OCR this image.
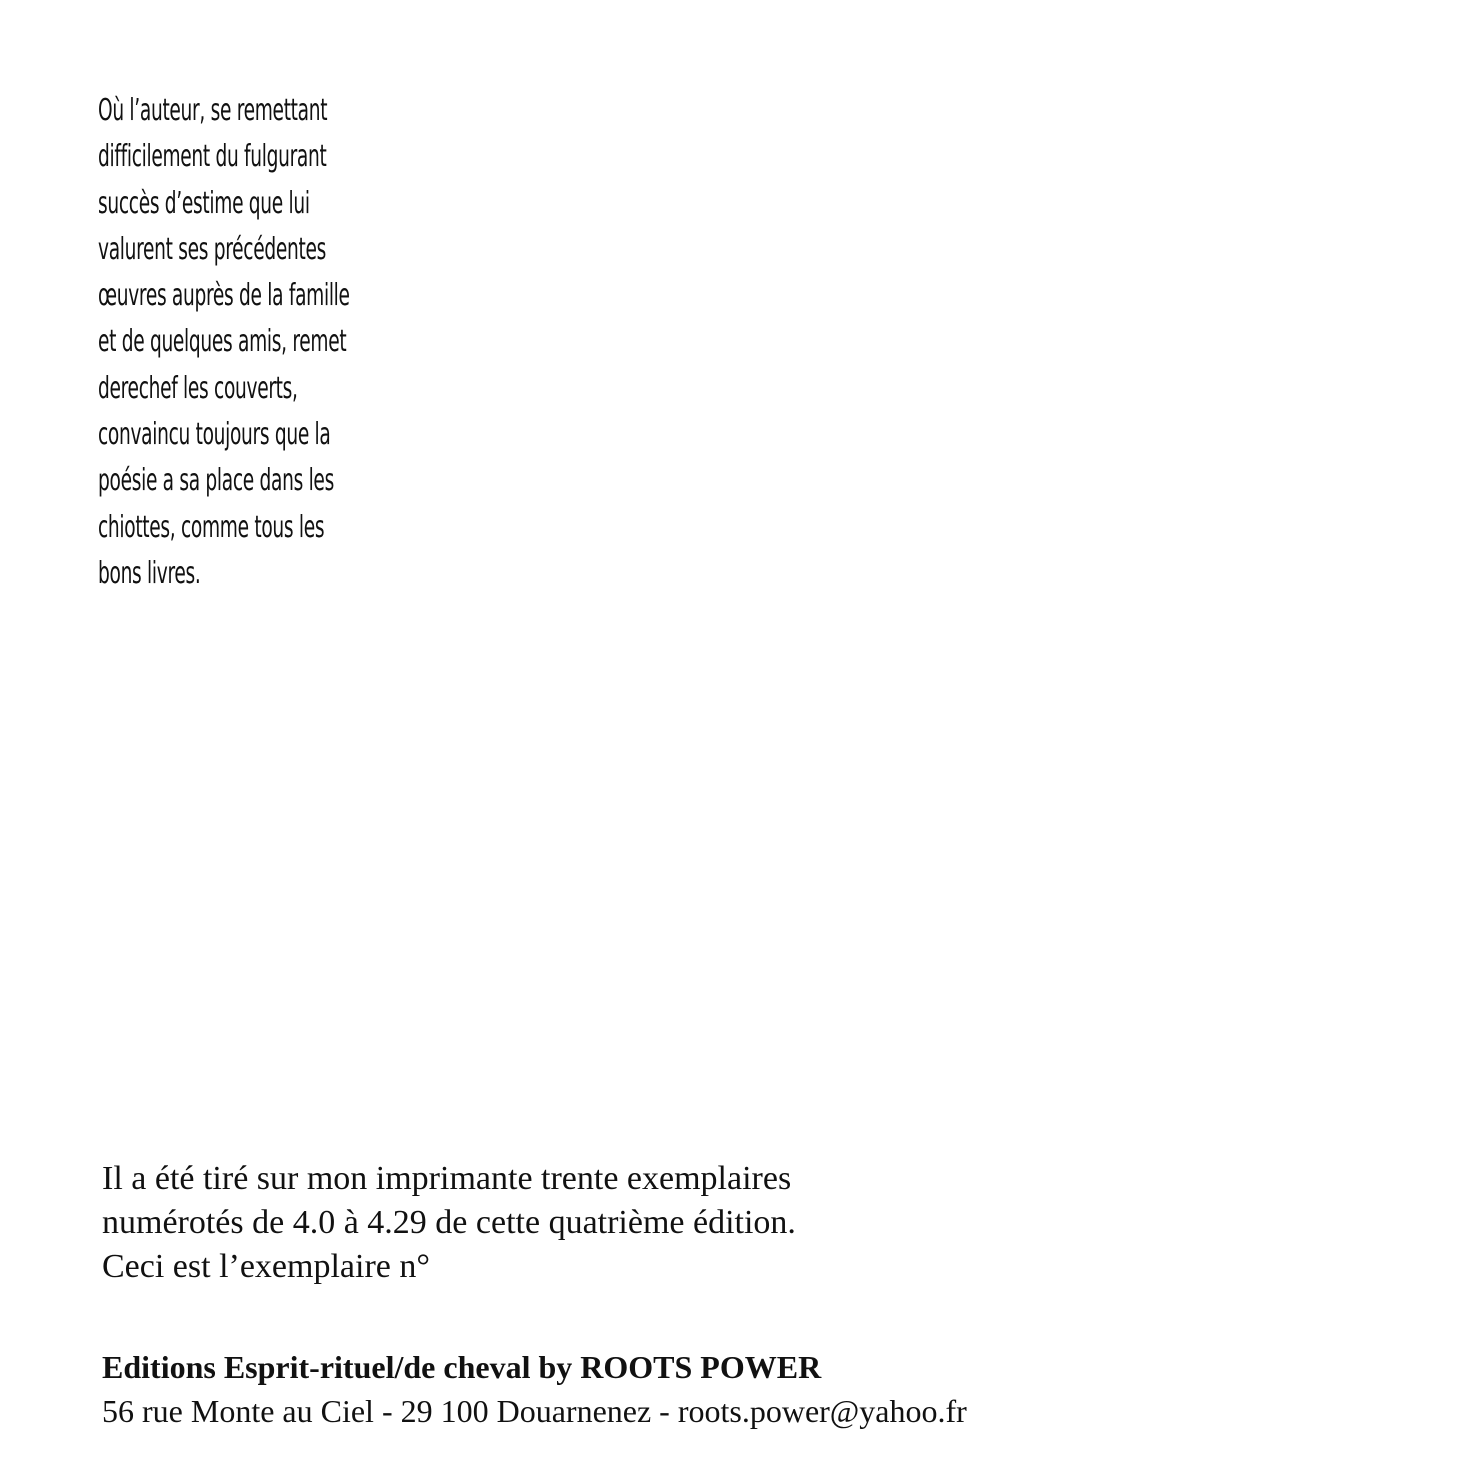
Où l’auteur, se remettant
difficilement du fulgurant
succès d’estime que lui
valurent ses précédentes
œuvres auprès de la famille
et de quelques amis, remet
derechef les couverts,
convaincu toujours que la
poésie a sa place dans les
chiottes, comme tous les
bons livres.
Il a été tiré sur mon imprimante trente exemplaires
numérotés de 4.0 à 4.29 de cette quatrième édition.
Ceci est l’exemplaire n°
Editions Esprit-rituel/de cheval by ROOTS POWER
56 rue Monte au Ciel - 29 100 Douarnenez - roots.power@yahoo.fr
